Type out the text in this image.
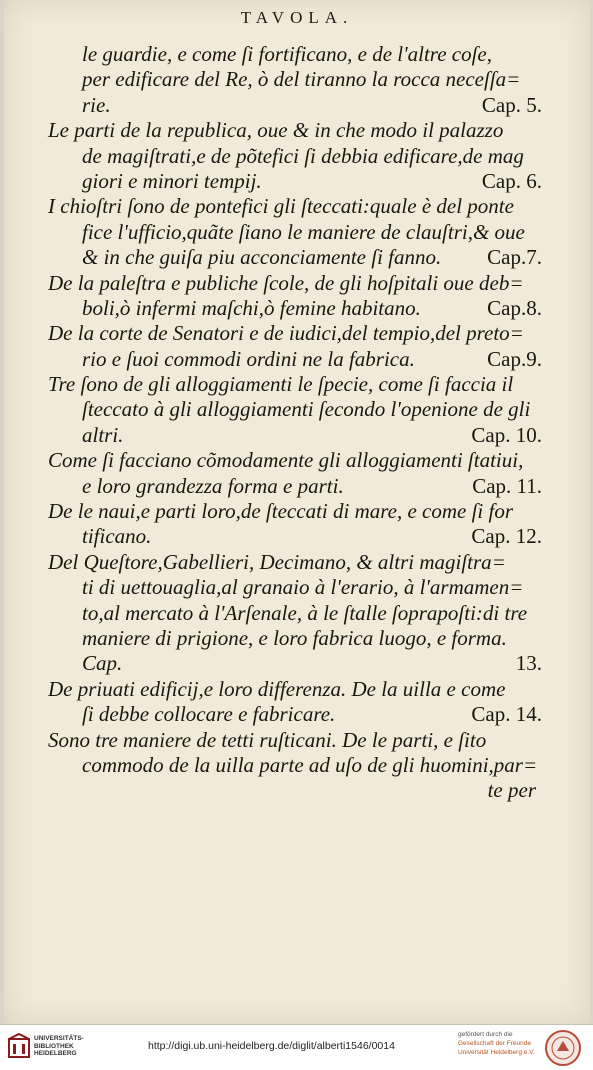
TAVOLA.
le guardie, e come ſi fortificano, e de l'altre coſe,
per edificare del Re, ò del tiranno la rocca neceſſa=
rie.	Cap. 5.
Le parti de la republica, oue & in che modo il palazzo
de magiſtrati,e de põtefici ſi debbia edificare,de mag
giori e minori tempij.	Cap. 6.
I chioſtri ſono de pontefici gli ſteccati:quale è del ponte
fice l'ufficio,quãte ſiano le maniere de clauſtri,& oue
& in che guiſa piu acconciamente ſi fanno. Cap.7.
De la paleſtra e publiche ſcole, de gli hoſpitali oue deb=
boli,ò infermi maſchi,ò femine habitano.	Cap.8.
De la corte de Senatori e de iudici,del tempio,del preto=
rio e ſuoi commodi ordini ne la fabrica.	Cap.9.
Tre ſono de gli alloggiamenti le ſpecie, come ſi faccia il
ſteccato à gli alloggiamenti ſecondo l'openione de gli
altri.	Cap. 10.
Come ſi facciano cõmodamente gli alloggiamenti ſtatiui,
e loro grandezza forma e parti.	Cap. 11.
De le naui,e parti loro,de ſteccati di mare, e come ſi for
tificano.	Cap. 12.
Del Queſtore,Gabellieri, Decimano, & altri magiſtra=
ti di uettouaglia,al granaio à l'erario, à l'armamen=
to,al mercato à l'Arſenale, à le ſtalle ſoprapoſti:di tre
maniere di prigione, e loro fabrica luogo, e forma.
Cap.	13.
De priuati edificij,e loro differenza. De la uilla e come
ſi debbe collocare e fabricare.	Cap. 14.
Sono tre maniere de tetti ruſticani. De le parti, e ſito
commodo de la uilla parte ad uſo de gli huomini,par=
te per
UNIVERSITÄTS-
BIBLIOTHEK
HEIDELBERG
http://digi.ub.uni-heidelberg.de/diglit/alberti1546/0014
gefördert durch die
Gesellschaft der Freunde
Universität Heidelberg e.V.
